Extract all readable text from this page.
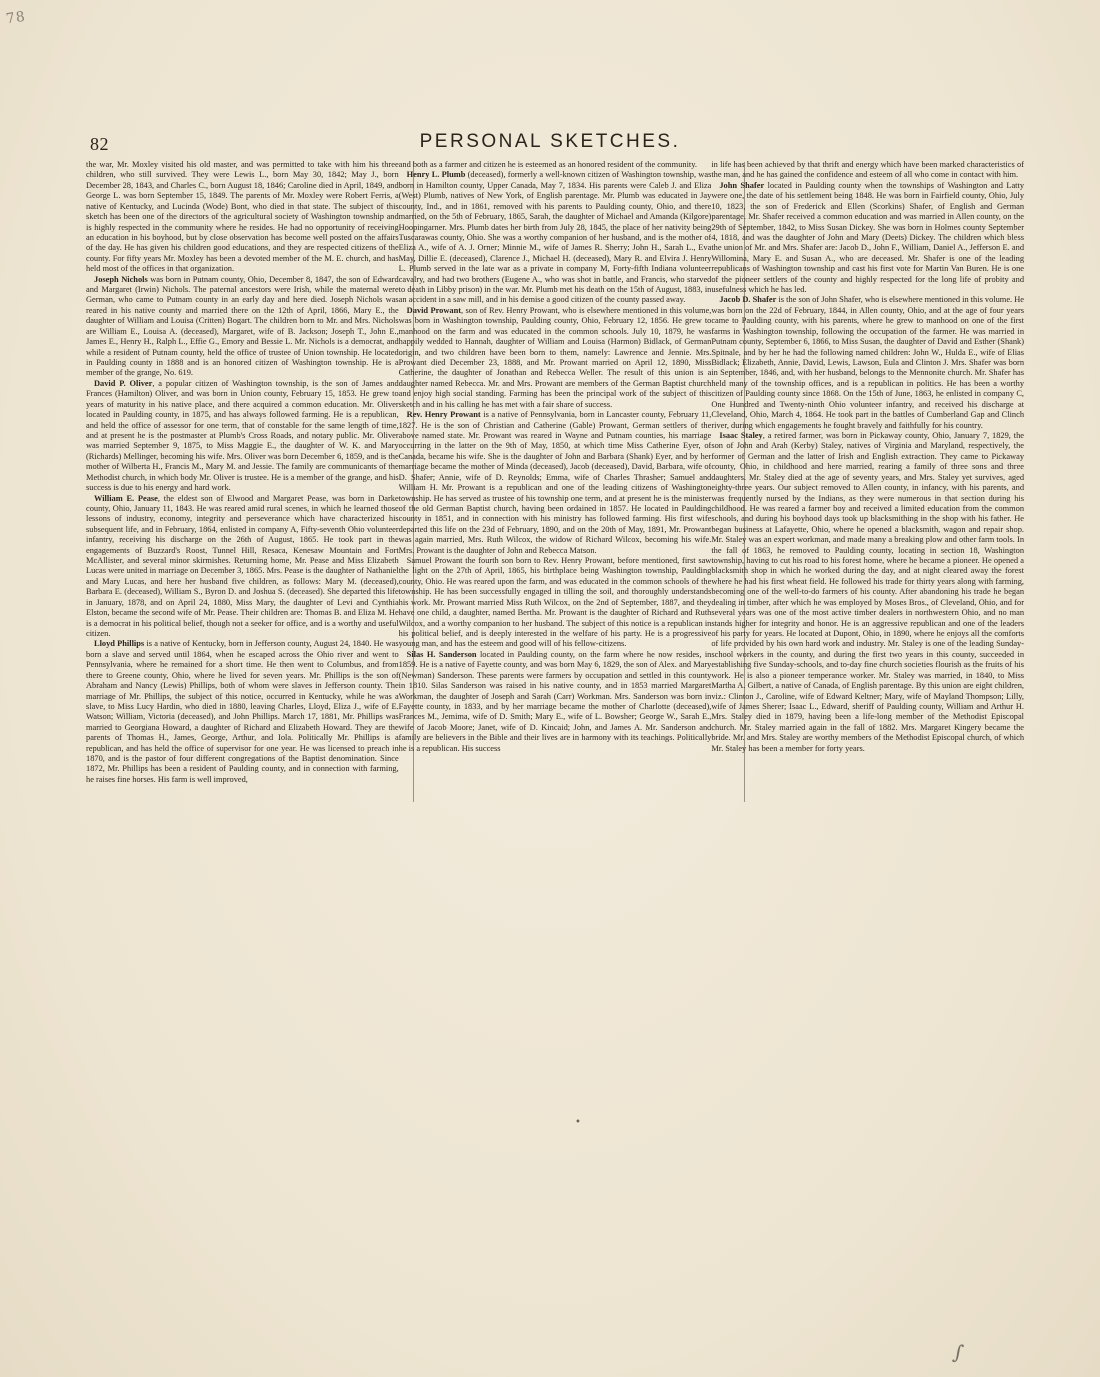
78
82	PERSONAL SKETCHES.

the war, Mr. Moxley visited his old master, and was permitted to take with him his three children, who still survived. They were Lewis L., born May 30, 1842; May J., born December 28, 1843, and Charles C., born August 18, 1846; Caroline died in April, 1849, and George L. was born September 15, 1849. The parents of Mr. Moxley were Robert Ferris, a native of Kentucky, and Lucinda (Wode) Bont, who died in that state. The subject of this sketch has been one of the directors of the agricultural society of Washington township and is highly respected in the community where he resides. He had no opportunity of receiving an education in his boyhood, but by close observation has become well posted on the affairs of the day. He has given his children good educations, and they are respected citizens of the county. For fifty years Mr. Moxley has been a devoted member of the M. E. church, and has held most of the offices in that organization.

Joseph Nichols was born in Putnam county, Ohio, December 8, 1847, the son of Edward and Margaret (Irwin) Nichols. The paternal ancestors were Irish, while the maternal were German, who came to Putnam county in an early day and here died. Joseph Nichols was reared in his native county and married there on the 12th of April, 1866, Mary E., the daughter of William and Louisa (Critten) Bogart. The children born to Mr. and Mrs. Nichols are William E., Louisa A. (deceased), Margaret, wife of B. Jackson; Joseph T., John E., James E., Henry H., Ralph L., Effie G., Emory and Bessie L. Mr. Nichols is a democrat, and while a resident of Putnam county, held the office of trustee of Union township. He located in Paulding county in 1888 and is an honored citizen of Washington township. He is a member of the grange, No. 619.

David P. Oliver, a popular citizen of Washington township, is the son of James and Frances (Hamilton) Oliver, and was born in Union county, February 15, 1853. He grew to years of maturity in his native place, and there acquired a common education. Mr. Oliver located in Paulding county, in 1875, and has always followed farming. He is a republican, and held the office of assessor for one term, that of constable for the same length of time, and at present he is the postmaster at Plumb's Cross Roads, and notary public. Mr. Oliver was married September 9, 1875, to Miss Maggie E., the daughter of W. K. and Mary (Richards) Mellinger, becoming his wife. Mrs. Oliver was born December 6, 1859, and is the mother of Wilberta H., Francis M., Mary M. and Jessie. The family are communicants of the Methodist church, in which body Mr. Oliver is trustee. He is a member of the grange, and his success is due to his energy and hard work.

William E. Pease, the eldest son of Elwood and Margaret Pease, was born in Darke county, Ohio, January 11, 1843. He was reared amid rural scenes, in which he learned those lessons of industry, economy, integrity and perseverance which have characterized his subsequent life, and in February, 1864, enlisted in company A, Fifty-seventh Ohio volunteer infantry, receiving his discharge on the 26th of August, 1865. He took part in the engagements of Buzzard's Roost, Tunnel Hill, Resaca, Kenesaw Mountain and Fort McAllister, and several minor skirmishes. Returning home, Mr. Pease and Miss Elizabeth Lucas were united in marriage on December 3, 1865. Mrs. Pease is the daughter of Nathaniel and Mary Lucas, and here her husband five children, as follows: Mary M. (deceased), Barbara E. (deceased), William S., Byron D. and Joshua S. (deceased). She departed this life in January, 1878, and on April 24, 1880, Miss Mary, the daughter of Levi and Cynthia Elston, became the second wife of Mr. Pease. Their children are: Thomas B. and Eliza M. He is a democrat in his political belief, though not a seeker for office, and is a worthy and useful citizen.

Lloyd Phillips is a native of Kentucky, born in Jefferson county, August 24, 1840. He was born a slave and served until 1864, when he escaped across the Ohio river and went to Pennsylvania, where he remained for a short time. He then went to Columbus, and from there to Greene county, Ohio, where he lived for seven years. Mr. Phillips is the son of Abraham and Nancy (Lewis) Phillips, both of whom were slaves in Jefferson county. The marriage of Mr. Phillips, the subject of this notice, occurred in Kentucky, while he was a slave, to Miss Lucy Hardin, who died in 1880, leaving Charles, Lloyd, Eliza J., wife of E. Watson; William, Victoria (deceased), and John Phillips. March 17, 1881, Mr. Phillips was married to Georgiana Howard, a daughter of Richard and Elizabeth Howard. They are the parents of Thomas H., James, George, Arthur, and Iola. Politically Mr. Phillips is a republican, and has held the office of supervisor for one year. He was licensed to preach in 1870, and is the pastor of four different congregations of the Baptist denomination. Since 1872, Mr. Phillips has been a resident of Paulding county, and in connection with farming, he raises fine horses. His farm is well improved,

and both as a farmer and citizen he is esteemed as an honored resident of the community.

Henry L. Plumb (deceased), formerly a well-known citizen of Washington township, was born in Hamilton county, Upper Canada, May 7, 1834. His parents were Caleb J. and Eliza (West) Plumb, natives of New York, of English parentage. Mr. Plumb was educated in Jay county, Ind., and in 1861, removed with his parents to Paulding county, Ohio, and there married, on the 5th of February, 1865, Sarah, the daughter of Michael and Amanda (Kilgore) Hoopingarner. Mrs. Plumb dates her birth from July 28, 1845, the place of her nativity being Tuscarawas county, Ohio. She was a worthy companion of her husband, and is the mother of Eliza A., wife of A. J. Orner; Minnie M., wife of James R. Sherry; John H., Sarah L., Eva May, Dillie E. (deceased), Clarence J., Michael H. (deceased), Mary R. and Elvira J. Henry L. Plumb served in the late war as a private in company M, Forty-fifth Indiana volunteer cavalry, and had two brothers (Eugene A., who was shot in battle, and Francis, who starved to death in Libby prison) in the war. Mr. Plumb met his death on the 15th of August, 1883, in an accident in a saw mill, and in his demise a good citizen of the county passed away.

David Prowant, son of Rev. Henry Prowant, who is elsewhere mentioned in this volume, was born in Washington township, Paulding county, Ohio, February 12, 1856. He grew to manhood on the farm and was educated in the common schools. July 10, 1879, he was happily wedded to Hannah, daughter of William and Louisa (Harmon) Bidlack, of German origin, and two children have been born to them, namely: Lawrence and Jennie. Mrs. Prowant died December 23, 1888, and Mr. Prowant married on April 12, 1890, Miss Catherine, the daughter of Jonathan and Rebecca Weller. The result of this union is a daughter named Rebecca. Mr. and Mrs. Prowant are members of the German Baptist church and enjoy high social standing. Farming has been the principal work of the subject of this sketch and in his calling he has met with a fair share of success.

Rev. Henry Prowant is a native of Pennsylvania, born in Lancaster county, February 11, 1827. He is the son of Christian and Catherine (Gable) Prowant, German settlers of the above named state. Mr. Prowant was reared in Wayne and Putnam counties, his marriage occurring in the latter on the 9th of May, 1850, at which time Miss Catherine Eyer, of Canada, became his wife. She is the daughter of John and Barbara (Shank) Eyer, and by her marriage became the mother of Minda (deceased), Jacob (deceased), David, Barbara, wife of D. Shafer; Annie, wife of D. Reynolds; Emma, wife of Charles Thrasher; Samuel and William H. Mr. Prowant is a republican and one of the leading citizens of Washington township. He has served as trustee of his township one term, and at present he is the minister of the old German Baptist church, having been ordained in 1857. He located in Paulding county in 1851, and in connection with his ministry has followed farming. His first wife departed this life on the 23d of February, 1890, and on the 20th of May, 1891, Mr. Prowant was again married, Mrs. Ruth Wilcox, the widow of Richard Wilcox, becoming his wife. Mrs. Prowant is the daughter of John and Rebecca Matson.

Samuel Prowant the fourth son born to Rev. Henry Prowant, before mentioned, first saw the light on the 27th of April, 1865, his birthplace being Washington township, Paulding county, Ohio. He was reared upon the farm, and was educated in the common schools of the township. He has been successfully engaged in tilling the soil, and thoroughly understands his work. Mr. Prowant married Miss Ruth Wilcox, on the 2nd of September, 1887, and they have one child, a daughter, named Bertha. Mr. Prowant is the daughter of Richard and Ruth Wilcox, and a worthy companion to her husband. The subject of this notice is a republican in his political belief, and is deeply interested in the welfare of his party. He is a progressive young man, and has the esteem and good will of his fellow-citizens.

Silas H. Sanderson located in Paulding county, on the farm where he now resides, in 1859. He is a native of Fayette county, and was born May 6, 1829, the son of Alex. and Mary (Newman) Sanderson. These parents were farmers by occupation and settled in this county in 1810. Silas Sanderson was raised in his native county, and in 1853 married Margaret Workman, the daughter of Joseph and Sarah (Carr) Workman. Mrs. Sanderson was born in Fayette county, in 1833, and by her marriage became the mother of Charlotte (deceased), Frances M., Jemima, wife of D. Smith; Mary E., wife of L. Bowsher; George W., Sarah E., wife of Jacob Moore; Janet, wife of D. Kincaid; John, and James A. Mr. Sanderson and family are believers in the Bible and their lives are in harmony with its teachings. Politically he is a republican. His success

in life has been achieved by that thrift and energy which have been marked characteristics of the man, and he has gained the confidence and esteem of all who come in contact with him.

John Shafer located in Paulding county when the townships of Washington and Latty were one, the date of his settlement being 1848. He was born in Fairfield county, Ohio, July 10, 1823, the son of Frederick and Ellen (Scorkins) Shafer, of English and German parentage. Mr. Shafer received a common education and was married in Allen county, on the 29th of September, 1842, to Miss Susan Dickey. She was born in Holmes county September 4, 1818, and was the daughter of John and Mary (Deets) Dickey. The children which bless the union of Mr. and Mrs. Shafer are: Jacob D., John F., William, Daniel A., Jefferson E. and Willomina, Mary E. and Susan A., who are deceased. Mr. Shafer is one of the leading republicans of Washington township and cast his first vote for Martin Van Buren. He is one of the pioneer settlers of the county and highly respected for the long life of probity and usefulness which he has led.

Jacob D. Shafer is the son of John Shafer, who is elsewhere mentioned in this volume. He was born on the 22d of February, 1844, in Allen county, Ohio, and at the age of four years came to Paulding county, with his parents, where he grew to manhood on one of the first farms in Washington township, following the occupation of the farmer. He was married in Putnam county, September 6, 1866, to Miss Susan, the daughter of David and Esther (Shank) Spitnale, and by her he had the following named children: John W., Hulda E., wife of Elias Bidlack; Elizabeth, Annie, David, Lewis, Lawson, Eula and Clinton J. Mrs. Shafer was born in September, 1846, and, with her husband, belongs to the Mennonite church. Mr. Shafer has held many of the township offices, and is a republican in politics. He has been a worthy citizen of Paulding county since 1868. On the 15th of June, 1863, he enlisted in company C, One Hundred and Twenty-ninth Ohio volunteer infantry, and received his discharge at Cleveland, Ohio, March 4, 1864. He took part in the battles of Cumberland Gap and Clinch river, during which engagements he fought bravely and faithfully for his country.

Isaac Staley, a retired farmer, was born in Pickaway county, Ohio, January 7, 1829, the son of John and Arah (Kerby) Staley, natives of Virginia and Maryland, respectively, the former of German and the latter of Irish and English extraction. They came to Pickaway county, Ohio, in childhood and here married, rearing a family of three sons and three daughters. Mr. Staley died at the age of seventy years, and Mrs. Staley yet survives, aged eighty-three years. Our subject removed to Allen county, in infancy, with his parents, and was frequently nursed by the Indians, as they were numerous in that section during his childhood. He was reared a farmer boy and received a limited education from the common schools, and during his boyhood days took up blacksmithing in the shop with his father. He began business at Lafayette, Ohio, where he opened a blacksmith, wagon and repair shop. Mr. Staley was an expert workman, and made many a breaking plow and other farm tools. In the fall of 1863, he removed to Paulding county, locating in section 18, Washington township, having to cut his road to his forest home, where he became a pioneer. He opened a blacksmith shop in which he worked during the day, and at night cleared away the forest where he had his first wheat field. He followed his trade for thirty years along with farming, becoming one of the well-to-do farmers of his county. After abandoning his trade he began dealing in timber, after which he was employed by Moses Bros., of Cleveland, Ohio, and for several years was one of the most active timber dealers in northwestern Ohio, and no man stands higher for integrity and honor. He is an aggressive republican and one of the leaders of his party for years. He located at Dupont, Ohio, in 1890, where he enjoys all the comforts of life provided by his own hard work and industry. Mr. Staley is one of the leading Sunday-school workers in the county, and during the first two years in this county, succeeded in establishing five Sunday-schools, and to-day fine church societies flourish as the fruits of his work. He is also a pioneer temperance worker. Mr. Staley was married, in 1840, to Miss Martha A. Gilbert, a native of Canada, of English parentage. By this union are eight children, viz.: Clinton J., Caroline, wife of Edward Keltner; Mary, wife of Mayland Thompson; Lilly, wife of James Sherer; Isaac L., Edward, sheriff of Paulding county, William and Arthur H. Mrs. Staley died in 1879, having been a life-long member of the Methodist Episcopal church. Mr. Staley married again in the fall of 1882. Mrs. Margaret Kingery became the bride. Mr. and Mrs. Staley are worthy members of the Methodist Episcopal church, of which Mr. Staley has been a member for forty years.

•
∫
